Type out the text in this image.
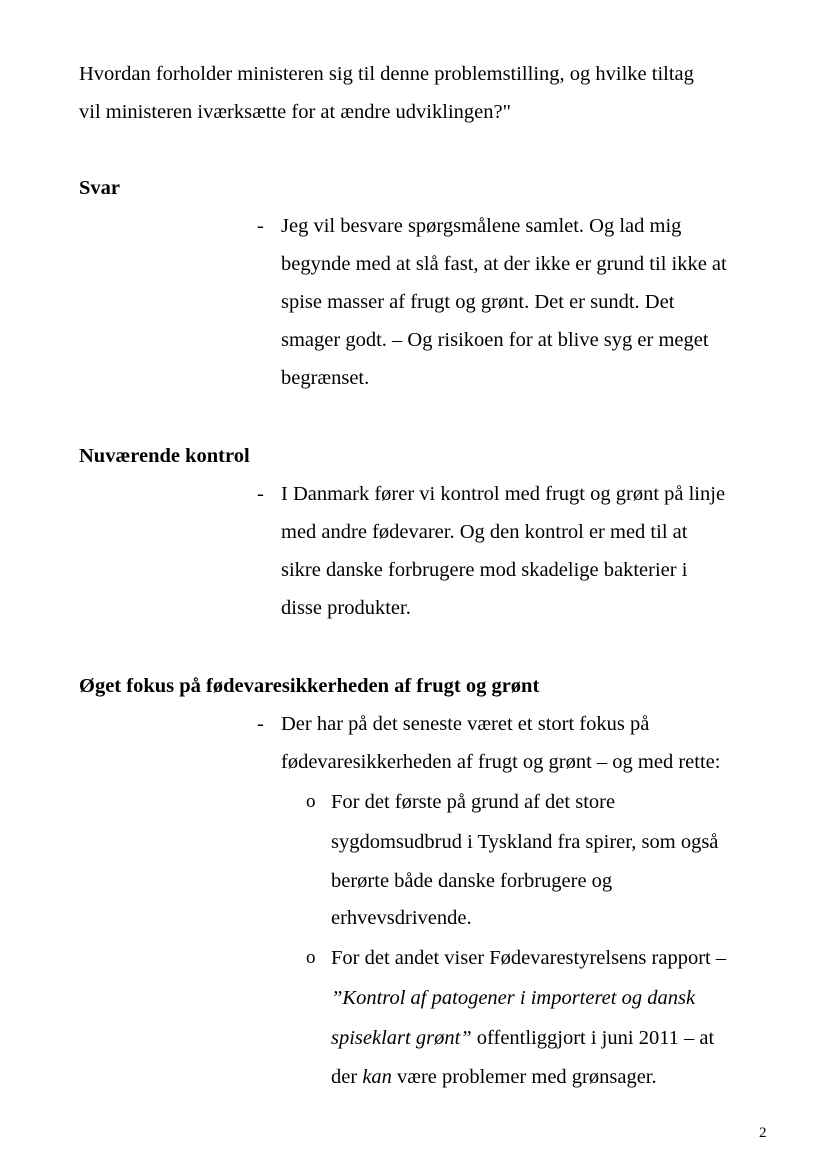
Hvordan forholder ministeren sig til denne problemstilling, og hvilke tiltag
vil ministeren iværksætte for at ændre udviklingen?"
Svar
- Jeg vil besvare spørgsmålene samlet. Og lad mig
begynde med at slå fast, at der ikke er grund til ikke at
spise masser af frugt og grønt. Det er sundt. Det
smager godt. – Og risikoen for at blive syg er meget
begrænset.
Nuværende kontrol
- I Danmark fører vi kontrol med frugt og grønt på linje
med andre fødevarer. Og den kontrol er med til at
sikre danske forbrugere mod skadelige bakterier i
disse produkter.
Øget fokus på fødevaresikkerheden af frugt og grønt
- Der har på det seneste været et stort fokus på
fødevaresikkerheden af frugt og grønt – og med rette:
o For det første på grund af det store
sygdomsudbrud i Tyskland fra spirer, som også
berørte både danske forbrugere og
erhvevsdrivende.
o For det andet viser Fødevarestyrelsens rapport –
”Kontrol af patogener i importeret og dansk
spiseklart grønt” offentliggjort i juni 2011 – at
der kan være problemer med grønsager.
2
